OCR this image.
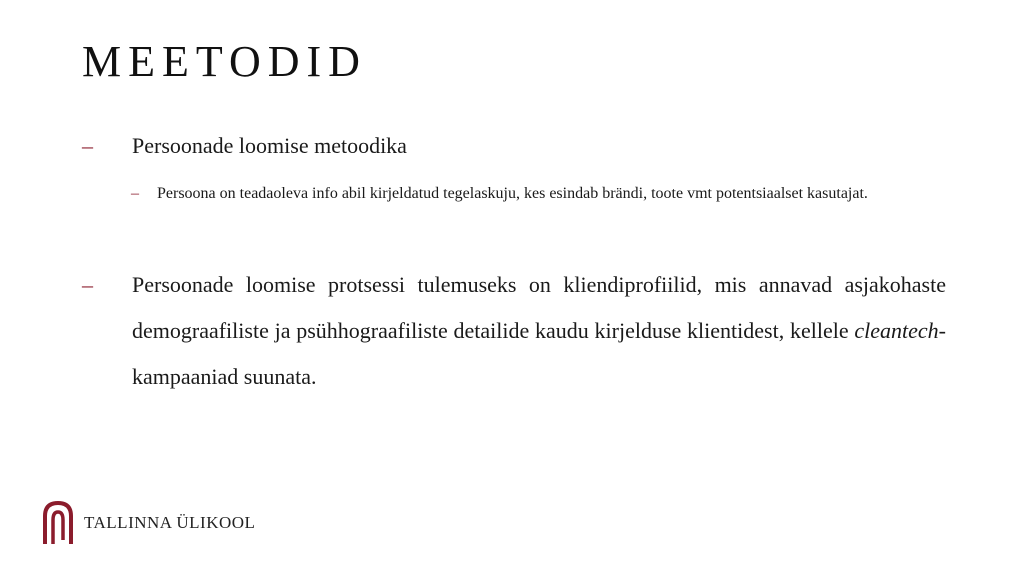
MEETODID
–	Persoonade loomise metoodika
–	Persoona on teadaoleva info abil kirjeldatud tegelaskuju, kes esindab brändi, toote vmt potentsiaalset kasutajat.
–	Persoonade loomise protsessi tulemuseks on kliendiprofiilid, mis annavad asjakohaste demograafiliste ja psühhograafiliste detailide kaudu kirjelduse klientidest, kellele cleantech-kampaaniad suunata.
TALLINNA ÜLIKOOL
